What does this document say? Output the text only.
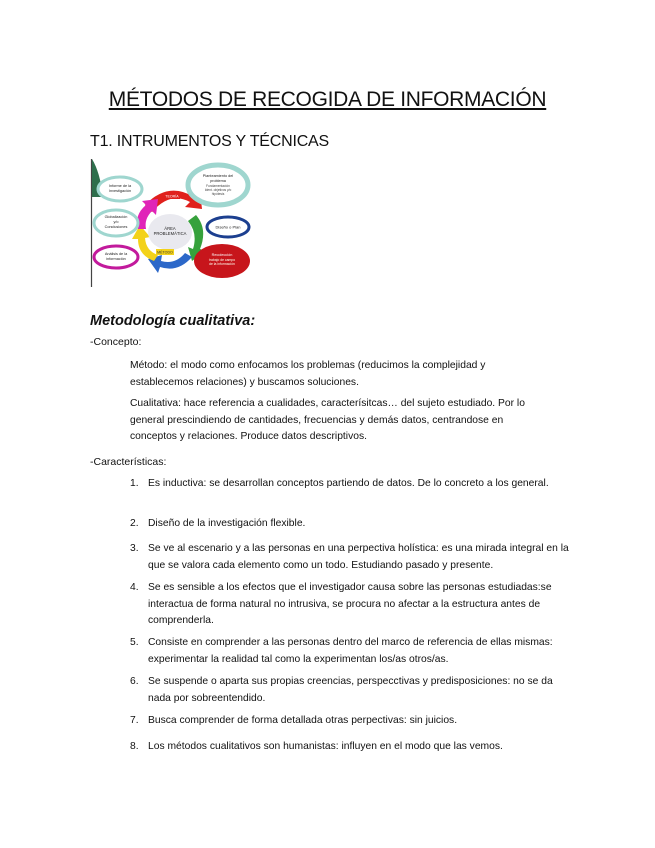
MÉTODOS DE RECOGIDA DE INFORMACIÓN
T1. INTRUMENTOS Y TÉCNICAS
ÁREA
PROBLEMÁTICA
TEORÍA
MÉTODO
Informe de la
Investigación
Planteamiento del
problema
Fundamentación
Ident. objetivos y/o
hipótesis
Globalización
y/o
Conclusiones	Diseño o Plan
Análisis de la
información
Recolección
trabajo de campo
de la información
Metodología cualitativa:
-Concepto:
Método: el modo como enfocamos los problemas (reducimos la complejidad y establecemos relaciones) y buscamos soluciones.
Cualitativa: hace referencia a cualidades, caracterísitcas… del sujeto estudiado. Por lo general prescindiendo de cantidades, frecuencias y demás datos, centrandose en conceptos y relaciones. Produce datos descriptivos.
-Características:
1. Es inductiva: se desarrollan conceptos partiendo de datos. De lo concreto a los general.
2. Diseño de la investigación flexible.
3. Se ve al escenario y a las personas en una perpectiva holística: es una mirada integral en la que se valora cada elemento como un todo. Estudiando pasado y presente.
4. Se es sensible a los efectos que el investigador causa sobre las personas estudiadas:se interactua de forma natural no intrusiva, se procura no afectar a la estructura antes de comprenderla.
5. Consiste en comprender a las personas dentro del marco de referencia de ellas mismas: experimentar la realidad tal como la experimentan los/as otros/as.
6. Se suspende o aparta sus propias creencias, perspecctivas y predisposiciones: no se da nada por sobreentendido.
7. Busca comprender de forma detallada otras perpectivas: sin juicios.
8. Los métodos cualitativos son humanistas: influyen en el modo que las vemos.
